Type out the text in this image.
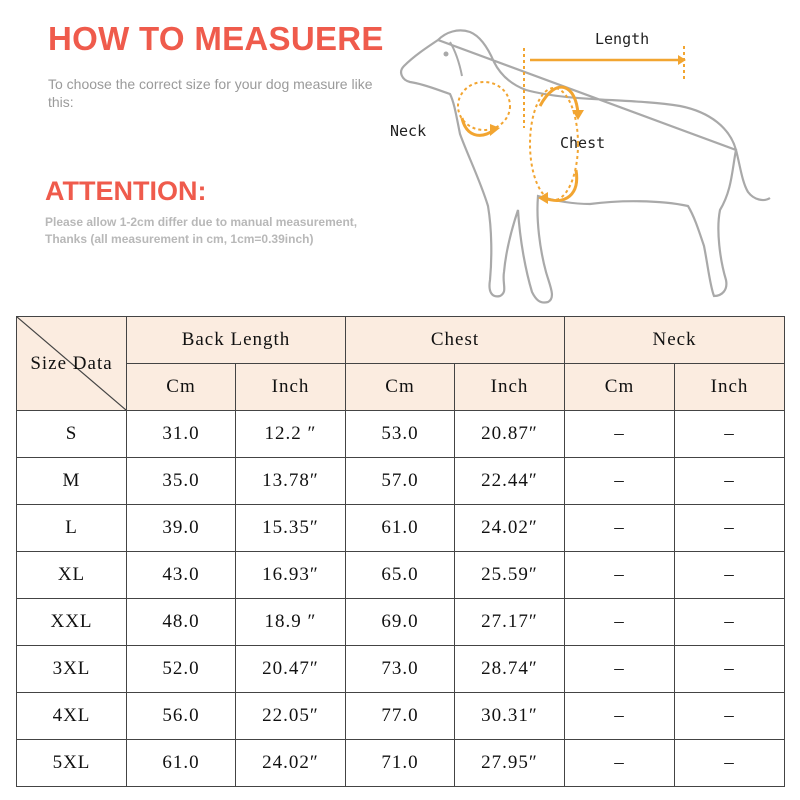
HOW TO MEASUERE
To choose the correct size for your dog measure like this:
ATTENTION:
Please allow 1-2cm differ due to manual measurement,
Thanks (all measurement in cm, 1cm=0.39inch)
Length
Neck
Chest
Size Data	Back Length		Chest		Neck	
	Cm	Inch	Cm	Inch	Cm	Inch
S	31.0	12.2 ″	53.0	20.87″	–	–
M	35.0	13.78″	57.0	22.44″	–	–
L	39.0	15.35″	61.0	24.02″	–	–
XL	43.0	16.93″	65.0	25.59″	–	–
XXL	48.0	18.9 ″	69.0	27.17″	–	–
3XL	52.0	20.47″	73.0	28.74″	–	–
4XL	56.0	22.05″	77.0	30.31″	–	–
5XL	61.0	24.02″	71.0	27.95″	–	–
